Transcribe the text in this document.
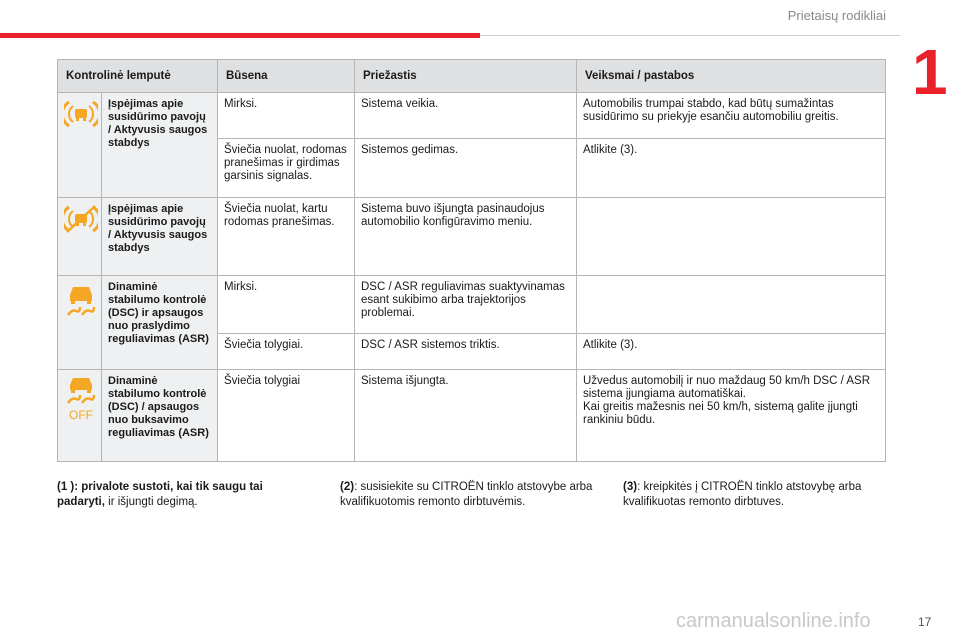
Prietaisų rodikliai
1
Kontrolinė lemputė		Būsena	Priežastis	Veiksmai / pastabos
	Įspėjimas apie susidūrimo pavojų / Aktyvusis saugos stabdys	Mirksi.	Sistema veikia.	Automobilis trumpai stabdo, kad būtų sumažintas susidūrimo su priekyje esančiu automobiliu greitis.
		Šviečia nuolat, rodomas pranešimas ir girdimas garsinis signalas.	Sistemos gedimas.	Atlikite (3).
	Įspėjimas apie susidūrimo pavojų / Aktyvusis saugos stabdys	Šviečia nuolat, kartu rodomas pranešimas.	Sistema buvo išjungta pasinaudojus automobilio konfigūravimo meniu.	
	Dinaminė stabilumo kontrolė (DSC) ir apsaugos nuo praslydimo reguliavimas (ASR)	Mirksi.	DSC / ASR reguliavimas suaktyvinamas esant sukibimo arba trajektorijos problemai.	
		Šviečia tolygiai.	DSC / ASR sistemos triktis.	Atlikite (3).

OFF	Dinaminė stabilumo kontrolė (DSC) / apsaugos nuo buksavimo reguliavimas (ASR)	Šviečia tolygiai	Sistema išjungta.	Užvedus automobilį ir nuo maždaug 50 km/h DSC / ASR sistema įjungiama automatiškai.
Kai greitis mažesnis nei 50 km/h, sistemą galite įjungti rankiniu būdu.
(1 ): privalote sustoti, kai tik saugu tai padaryti, ir išjungti degimą.
(2): susisiekite su CITROËN tinklo atstovybe arba kvalifikuotomis remonto dirbtuvėmis.
(3): kreipkitės į CITROËN tinklo atstovybę arba kvalifikuotas remonto dirbtuves.
carmanualsonline.info	17
